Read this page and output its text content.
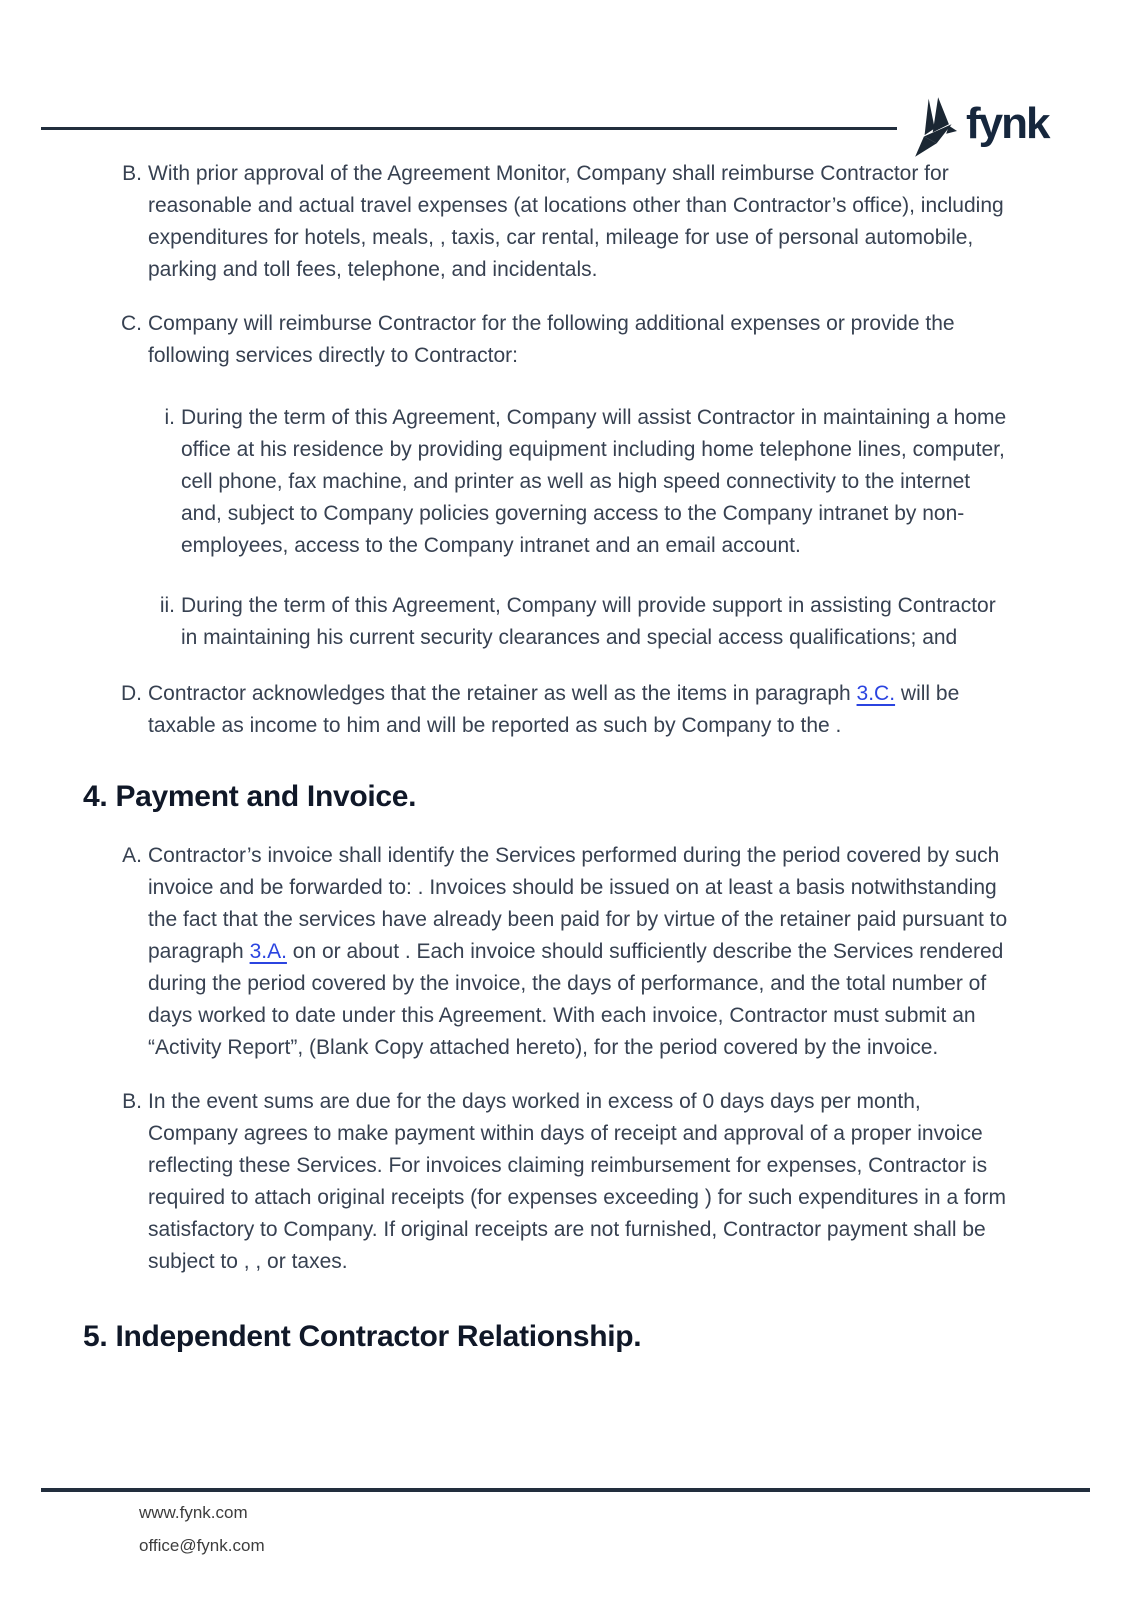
fynk
B. With prior approval of the Agreement Monitor, Company shall reimburse Contractor for reasonable and actual travel expenses (at locations other than Contractor’s office), including expenditures for hotels, meals, , taxis, car rental, mileage for use of personal automobile, parking and toll fees, telephone, and incidentals.
C. Company will reimburse Contractor for the following additional expenses or provide the following services directly to Contractor:
i. During the term of this Agreement, Company will assist Contractor in maintaining a home office at his residence by providing equipment including home telephone lines, computer, cell phone, fax machine, and printer as well as high speed connectivity to the internet and, subject to Company policies governing access to the Company intranet by non-employees, access to the Company intranet and an email account.
ii. During the term of this Agreement, Company will provide support in assisting Contractor in maintaining his current security clearances and special access qualifications; and
D. Contractor acknowledges that the retainer as well as the items in paragraph 3.C. will be taxable as income to him and will be reported as such by Company to the .
4. Payment and Invoice.
A. Contractor’s invoice shall identify the Services performed during the period covered by such invoice and be forwarded to: . Invoices should be issued on at least a basis notwithstanding the fact that the services have already been paid for by virtue of the retainer paid pursuant to paragraph 3.A. on or about . Each invoice should sufficiently describe the Services rendered during the period covered by the invoice, the days of performance, and the total number of days worked to date under this Agreement. With each invoice, Contractor must submit an “Activity Report”, (Blank Copy attached hereto), for the period covered by the invoice.
B. In the event sums are due for the days worked in excess of 0 days days per month, Company agrees to make payment within days of receipt and approval of a proper invoice reflecting these Services. For invoices claiming reimbursement for expenses, Contractor is required to attach original receipts (for expenses exceeding ) for such expenditures in a form satisfactory to Company. If original receipts are not furnished, Contractor payment shall be subject to , , or taxes.
5. Independent Contractor Relationship.
www.fynk.com
office@fynk.com
